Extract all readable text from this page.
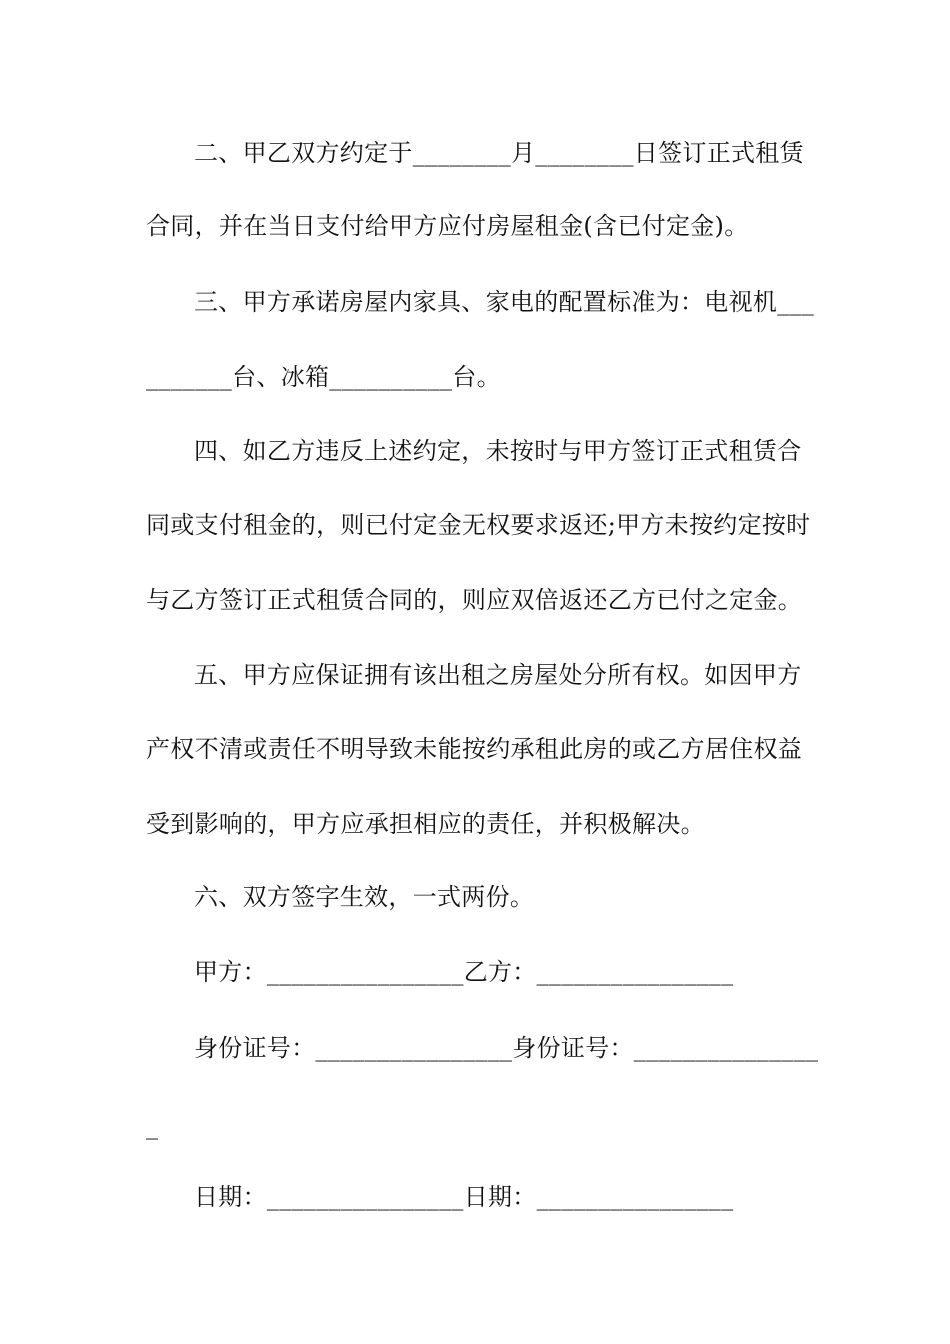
二、甲乙双方约定于________月________日签订正式租赁
合同，并在当日支付给甲方应付房屋租金(含已付定金)。
三、甲方承诺房屋内家具、家电的配置标准为：电视机___
_______台、冰箱__________台。
四、如乙方违反上述约定，未按时与甲方签订正式租赁合
同或支付租金的，则已付定金无权要求返还;甲方未按约定按时
与乙方签订正式租赁合同的，则应双倍返还乙方已付之定金。
五、甲方应保证拥有该出租之房屋处分所有权。如因甲方
产权不清或责任不明导致未能按约承租此房的或乙方居住权益
受到影响的，甲方应承担相应的责任，并积极解决。
六、双方签字生效，一式两份。
甲方：________________乙方：________________
身份证号：________________身份证号：_______________
_
日期：________________日期：________________
